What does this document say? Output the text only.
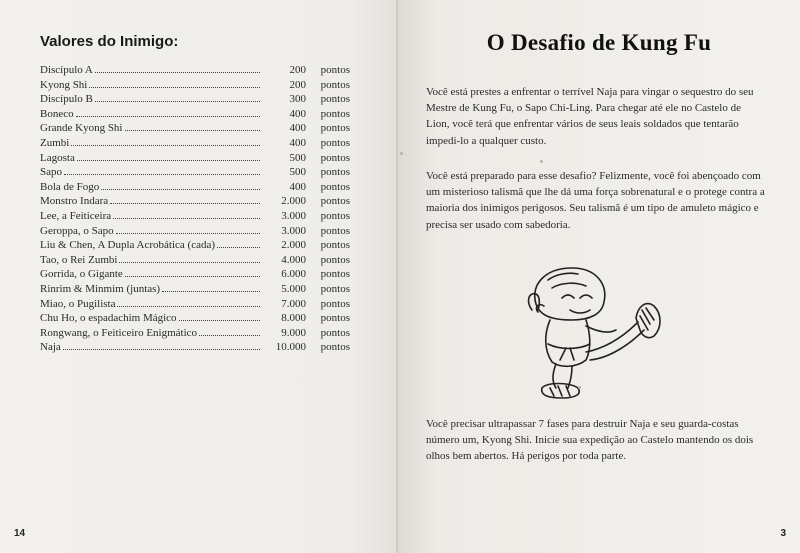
Valores do Inimigo:
Discípulo A	200	pontos
Kyong Shi	200	pontos
Discípulo B	300	pontos
Boneco	400	pontos
Grande Kyong Shi	400	pontos
Zumbi	400	pontos
Lagosta	500	pontos
Sapo	500	pontos
Bola de Fogo	400	pontos
Monstro Indara	2.000	pontos
Lee, a Feiticeira	3.000	pontos
Geroppa, o Sapo	3.000	pontos
Liu & Chen, A Dupla Acrobática (cada)	2.000	pontos
Tao, o Rei Zumbi	4.000	pontos
Gorrida, o Gigante	6.000	pontos
Rinrim & Minmim (juntas)	5.000	pontos
Miao, o Pugilista	7.000	pontos
Chu Ho, o espadachim Mágico	8.000	pontos
Rongwang, o Feiticeiro Enigmático	9.000	pontos
Naja	10.000	pontos
14
O Desafio de Kung Fu

Você está prestes a enfrentar o terrível Naja para vingar o sequestro do seu Mestre de Kung Fu, o Sapo Chi-Ling. Para chegar até ele no Castelo de Lion, você terá que enfrentar vários de seus leais soldados que tentarão impedi-lo a qualquer custo.

Você está preparado para esse desafio? Felizmente, você foi abençoado com um misterioso talismã que lhe dá uma força sobrenatural e o protege contra a maioria dos inimigos perigosos. Seu talismã é um tipo de amuleto mágico e precisa ser usado com sabedoria.

Você precisar ultrapassar 7 fases para destruir Naja e seu guarda-costas número um, Kyong Shi. Inicie sua expedição ao Castelo mantendo os dois olhos bem abertos. Há perigos por toda parte.

3
